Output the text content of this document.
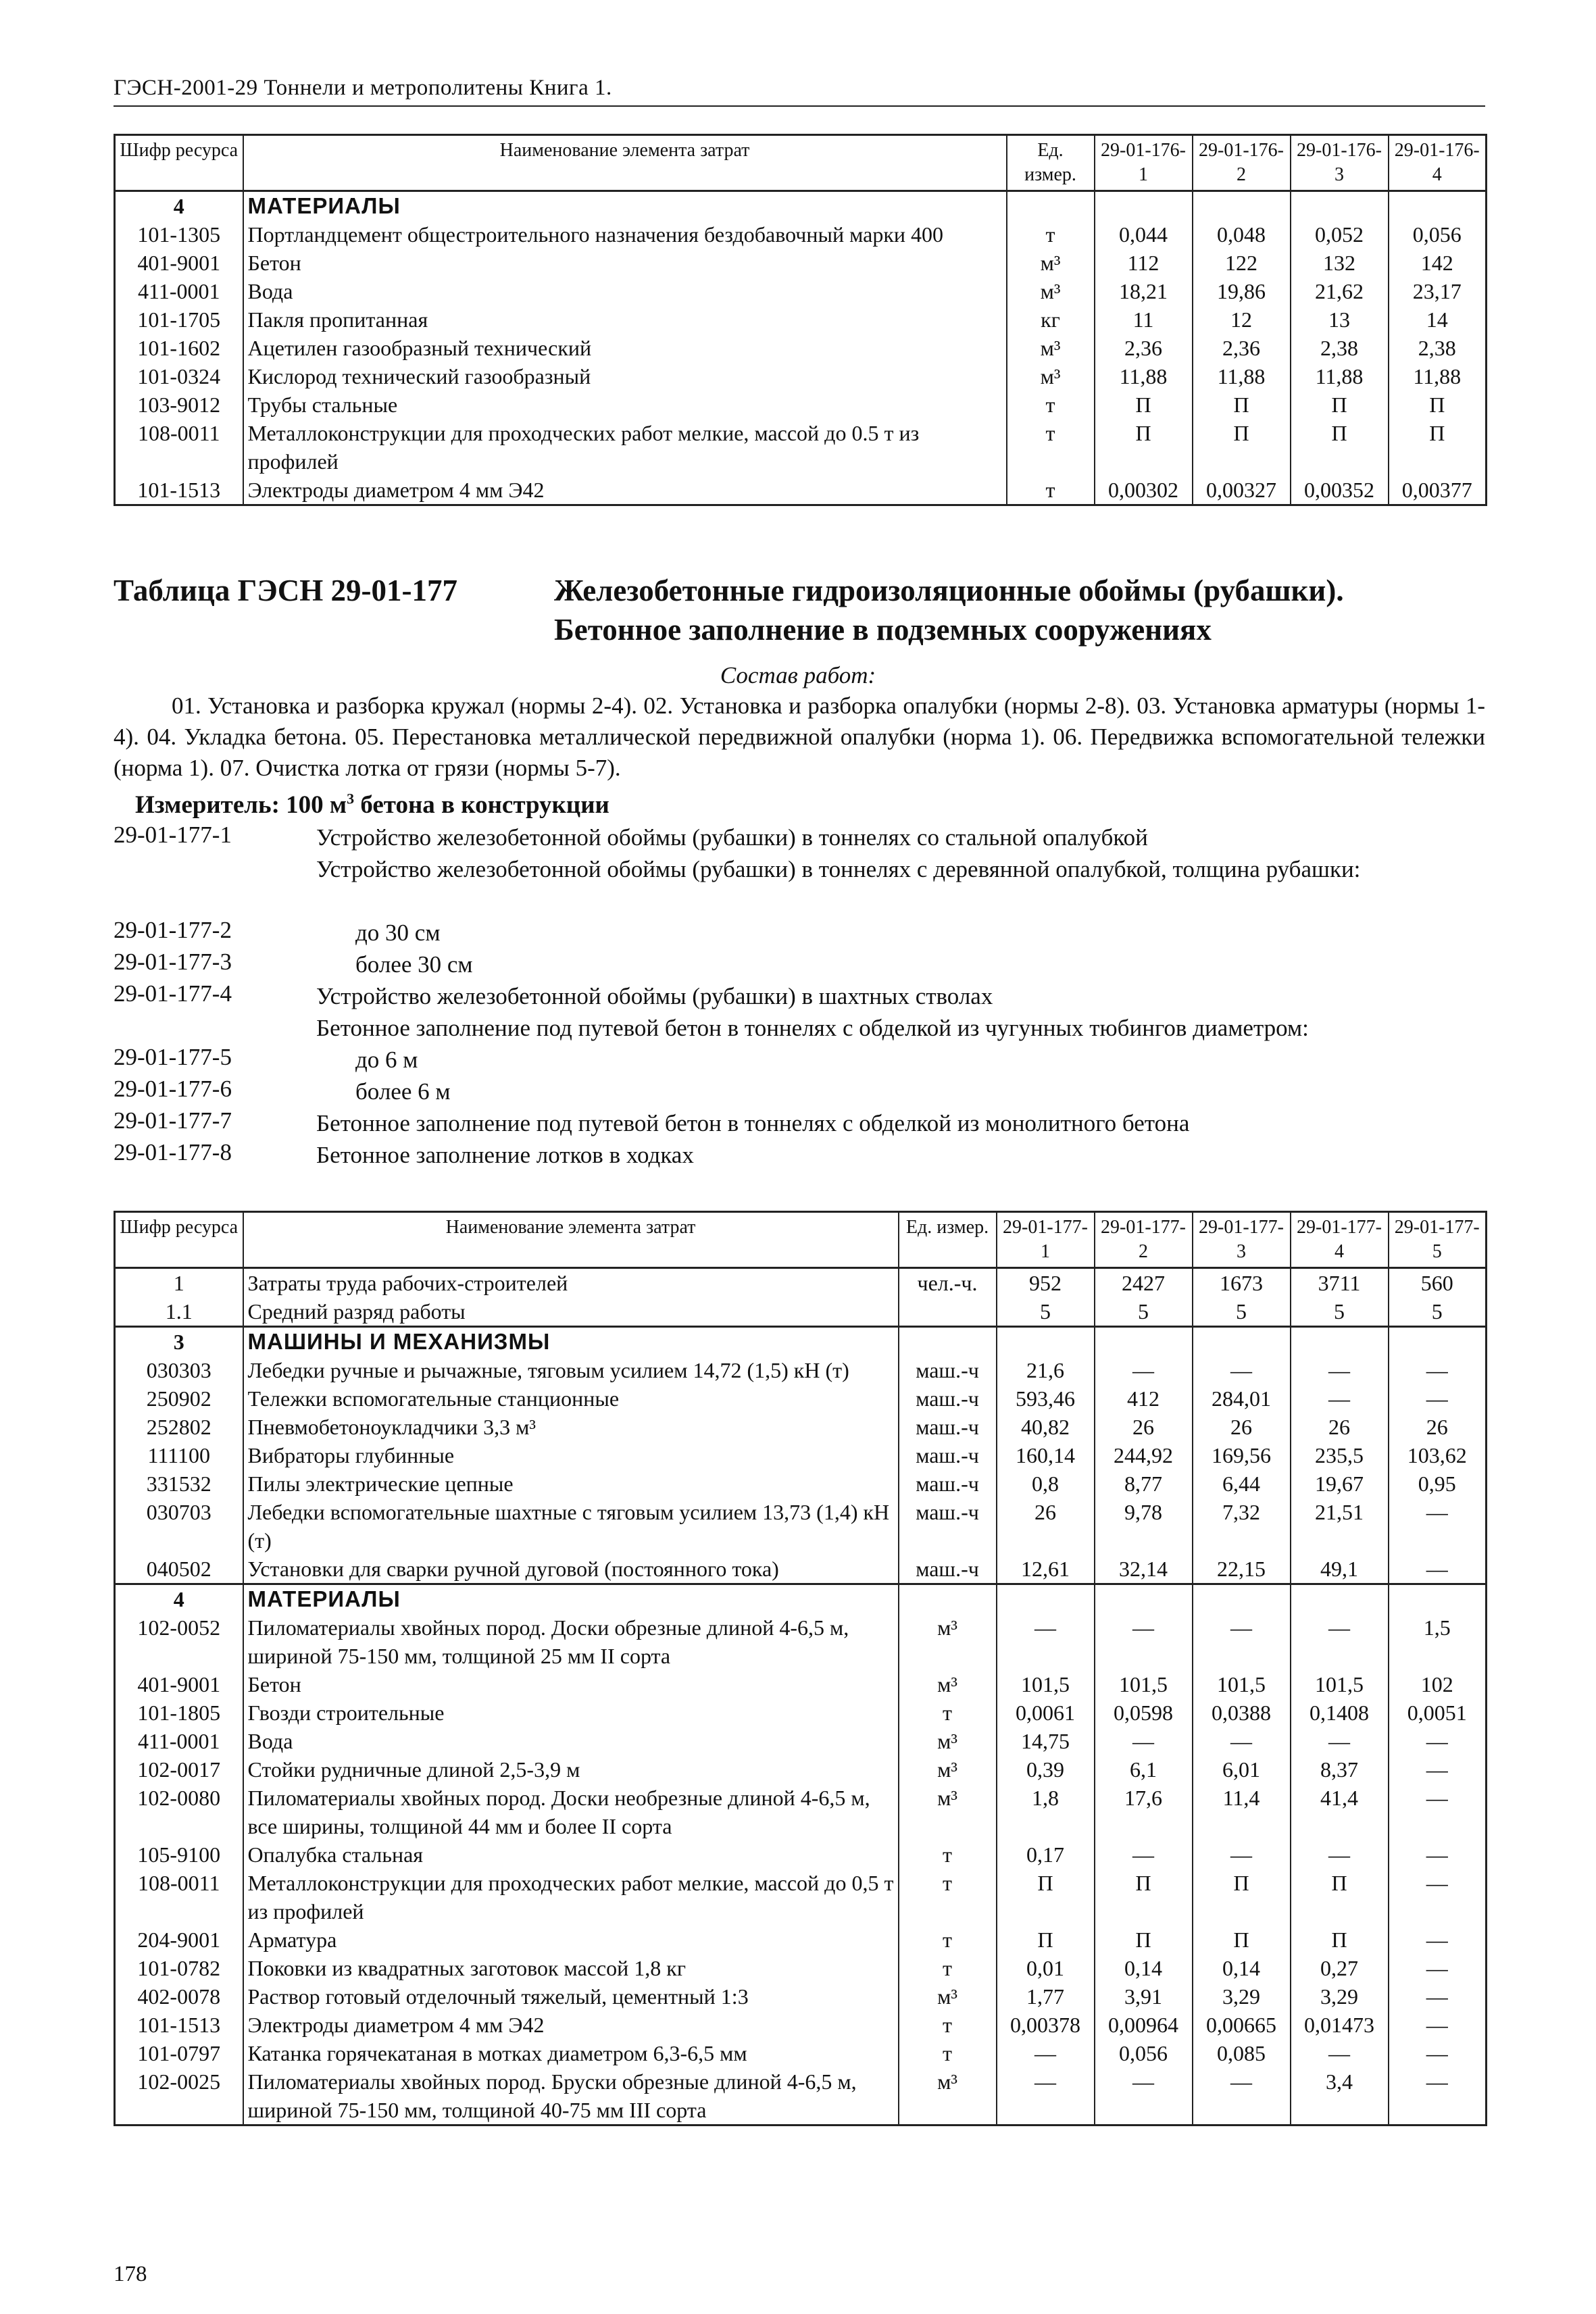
ГЭСН-2001-29 Тоннели и метрополитены Книга 1.
Шифр ресурса	Наименование элемента затрат	Ед. измер.	29-01-176-1	29-01-176-2	29-01-176-3	29-01-176-4
4	МАТЕРИАЛЫ					
101-1305	Портландцемент общестроительного назначения бездобавочный марки 400	т	0,044	0,048	0,052	0,056
401-9001	Бетон	м³	112	122	132	142
411-0001	Вода	м³	18,21	19,86	21,62	23,17
101-1705	Пакля пропитанная	кг	11	12	13	14
101-1602	Ацетилен газообразный технический	м³	2,36	2,36	2,38	2,38
101-0324	Кислород технический газообразный	м³	11,88	11,88	11,88	11,88
103-9012	Трубы стальные	т	П	П	П	П
108-0011	Металлоконструкции для проходческих работ мелкие, массой до 0.5 т из профилей	т	П	П	П	П
101-1513	Электроды диаметром 4 мм Э42	т	0,00302	0,00327	0,00352	0,00377
Таблица ГЭСН 29-01-177	Железобетонные гидроизоляционные обоймы (рубашки).
Бетонное заполнение в подземных сооружениях
Состав работ:
01. Установка и разборка кружал (нормы 2-4). 02. Установка и разборка опалубки (нормы 2-8). 03. Установка арматуры (нормы 1-4). 04. Укладка бетона. 05. Перестановка металлической передвижной опалубки (норма 1). 06. Передвижка вспомогательной тележки (норма 1). 07. Очистка лотка от грязи (нормы 5-7).
Измеритель: 100 $м^3$ бетона в конструкции
29-01-177-1	Устройство железобетонной обоймы (рубашки) в тоннелях со стальной опалубкой
Устройство железобетонной обоймы (рубашки) в тоннелях с деревянной опалубкой, толщина рубашки:
29-01-177-2	до 30 см
29-01-177-3	более 30 см
29-01-177-4	Устройство железобетонной обоймы (рубашки) в шахтных стволах
Бетонное заполнение под путевой бетон в тоннелях с обделкой из чугунных тюбингов диаметром:
29-01-177-5	до 6 м
29-01-177-6	более 6 м
29-01-177-7	Бетонное заполнение под путевой бетон в тоннелях с обделкой из монолитного бетона
29-01-177-8	Бетонное заполнение лотков в ходках
Шифр ресурса	Наименование элемента затрат	Ед. измер.	29-01-177-1	29-01-177-2	29-01-177-3	29-01-177-4	29-01-177-5
1	Затраты труда рабочих-строителей	чел.-ч.	952	2427	1673	3711	560
1.1	Средний разряд работы		5	5	5	5	5
3	МАШИНЫ И МЕХАНИЗМЫ						
030303	Лебедки ручные и рычажные, тяговым усилием 14,72 (1,5) кН (т)	маш.-ч	21,6	—	—	—	—
250902	Тележки вспомогательные станционные	маш.-ч	593,46	412	284,01	—	—
252802	Пневмобетоноукладчики 3,3 м³	маш.-ч	40,82	26	26	26	26
111100	Вибраторы глубинные	маш.-ч	160,14	244,92	169,56	235,5	103,62
331532	Пилы электрические цепные	маш.-ч	0,8	8,77	6,44	19,67	0,95
030703	Лебедки вспомогательные шахтные с тяговым усилием 13,73 (1,4) кН (т)	маш.-ч	26	9,78	7,32	21,51	—
040502	Установки для сварки ручной дуговой (постоянного тока)	маш.-ч	12,61	32,14	22,15	49,1	—
4	МАТЕРИАЛЫ						
102-0052	Пиломатериалы хвойных пород. Доски обрезные длиной 4-6,5 м, шириной 75-150 мм, толщиной 25 мм II сорта	м³	—	—	—	—	1,5
401-9001	Бетон	м³	101,5	101,5	101,5	101,5	102
101-1805	Гвозди строительные	т	0,0061	0,0598	0,0388	0,1408	0,0051
411-0001	Вода	м³	14,75	—	—	—	—
102-0017	Стойки рудничные длиной 2,5-3,9 м	м³	0,39	6,1	6,01	8,37	—
102-0080	Пиломатериалы хвойных пород. Доски необрезные длиной 4-6,5 м, все ширины, толщиной 44 мм и более II сорта	м³	1,8	17,6	11,4	41,4	—
105-9100	Опалубка стальная	т	0,17	—	—	—	—
108-0011	Металлоконструкции для проходческих работ мелкие, массой до 0,5 т из профилей	т	П	П	П	П	—
204-9001	Арматура	т	П	П	П	П	—
101-0782	Поковки из квадратных заготовок массой 1,8 кг	т	0,01	0,14	0,14	0,27	—
402-0078	Раствор готовый отделочный тяжелый, цементный 1:3	м³	1,77	3,91	3,29	3,29	—
101-1513	Электроды диаметром 4 мм Э42	т	0,00378	0,00964	0,00665	0,01473	—
101-0797	Катанка горячекатаная в мотках диаметром 6,3-6,5 мм	т	—	0,056	0,085	—	—
102-0025	Пиломатериалы хвойных пород. Бруски обрезные длиной 4-6,5 м, шириной 75-150 мм, толщиной 40-75 мм III сорта	м³	—	—	—	3,4	—
178
